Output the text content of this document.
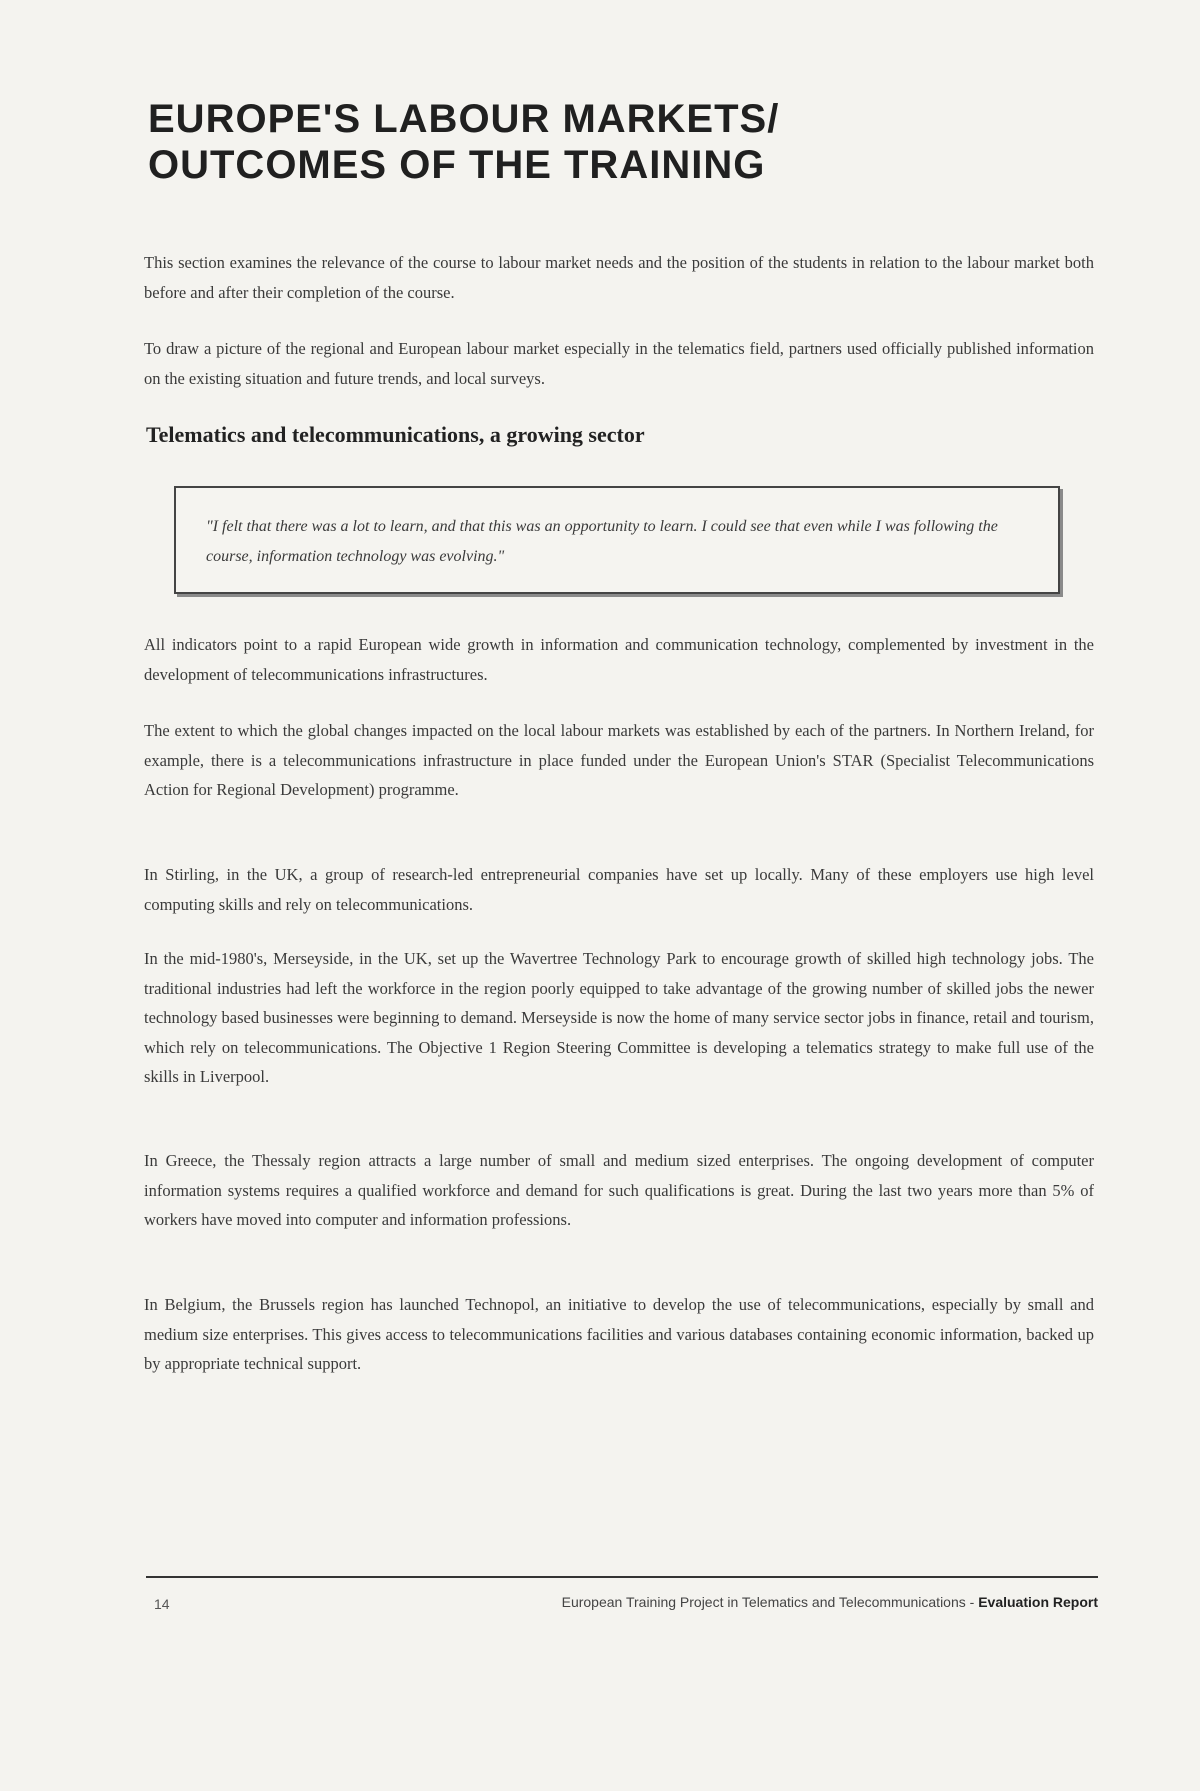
EUROPE'S LABOUR MARKETS/
OUTCOMES OF THE TRAINING

This section examines the relevance of the course to labour market needs and the position of the students in relation to the labour market both before and after their completion of the course.

To draw a picture of the regional and European labour market especially in the telematics field, partners used officially published information on the existing situation and future trends, and local surveys.

Telematics and telecommunications, a growing sector

"I felt that there was a lot to learn, and that this was an opportunity to learn. I could see that even while I was following the course, information technology was evolving."

All indicators point to a rapid European wide growth in information and communication technology, complemented by investment in the development of telecommunications infrastructures.

The extent to which the global changes impacted on the local labour markets was established by each of the partners. In Northern Ireland, for example, there is a telecommunications infrastructure in place funded under the European Union's STAR (Specialist Telecommunications Action for Regional Development) programme.

In Stirling, in the UK, a group of research-led entrepreneurial companies have set up locally. Many of these employers use high level computing skills and rely on telecommunications.

In the mid-1980's, Merseyside, in the UK, set up the Wavertree Technology Park to encourage growth of skilled high technology jobs. The traditional industries had left the workforce in the region poorly equipped to take advantage of the growing number of skilled jobs the newer technology based businesses were beginning to demand. Merseyside is now the home of many service sector jobs in finance, retail and tourism, which rely on telecommunications. The Objective 1 Region Steering Committee is developing a telematics strategy to make full use of the skills in Liverpool.

In Greece, the Thessaly region attracts a large number of small and medium sized enterprises. The ongoing development of computer information systems requires a qualified workforce and demand for such qualifications is great. During the last two years more than 5% of workers have moved into computer and information professions.

In Belgium, the Brussels region has launched Technopol, an initiative to develop the use of telecommunications, especially by small and medium size enterprises. This gives access to telecommunications facilities and various databases containing economic information, backed up by appropriate technical support.

14	European Training Project in Telematics and Telecommunications - Evaluation Report
